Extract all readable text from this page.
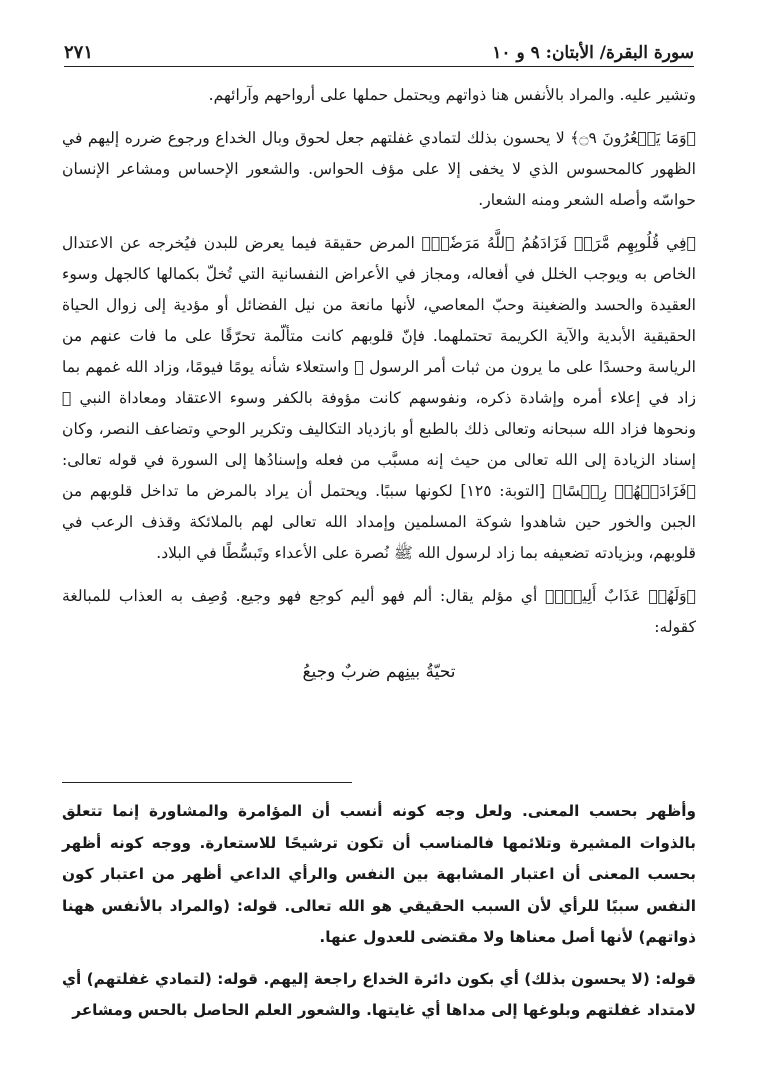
سورة البقرة/ الأبتان: ٩ و ١٠
٢٧١

وتشير عليه. والمراد بالأنفس هنا ذواتهم ويحتمل حملها على أرواحهم وآرائهم.

﴿وَمَا يَشۡعُرُونَ ۝٩﴾ لا يحسون بذلك لتمادي غفلتهم جعل لحوق وبال الخداع ورجوع ضرره إليهم في الظهور كالمحسوس الذي لا يخفى إلا على مؤف الحواس. والشعور الإحساس ومشاعر الإنسان حواسّه وأصله الشعر ومنه الشعار.

﴿فِي قُلُوبِهِم مَّرَضٞ فَزَادَهُمُ ٱللَّهُ مَرَضٗاۖ﴾ المرض حقيقة فيما يعرض للبدن فيُخرجه عن الاعتدال الخاص به ويوجب الخلل في أفعاله، ومجاز في الأعراض النفسانية التي تُخلّ بكمالها كالجهل وسوء العقيدة والحسد والضغينة وحبّ المعاصي، لأنها مانعة من نيل الفضائل أو مؤدية إلى زوال الحياة الحقيقية الأبدية والآية الكريمة تحتملهما. فإنّ قلوبهم كانت متألّمة تحرّقًا على ما فات عنهم من الرياسة وحسدًا على ما يرون من ثبات أمر الرسول ﷺ واستعلاء شأنه يومًا فيومًا، وزاد الله غمهم بما زاد في إعلاء أمره وإشادة ذكره، ونفوسهم كانت مؤوفة بالكفر وسوء الاعتقاد ومعاداة النبي ﷺ ونحوها فزاد الله سبحانه وتعالى ذلك بالطبع أو بازدياد التكاليف وتكرير الوحي وتضاعف النصر، وكان إسناد الزيادة إلى الله تعالى من حيث إنه مسبَّب من فعله وإسنادُها إلى السورة في قوله تعالى: ﴿فَزَادَتۡهُمۡ رِجۡسًا﴾ [التوبة: ١٢٥] لكونها سببًا. ويحتمل أن يراد بالمرض ما تداخل قلوبهم من الجبن والخور حين شاهدوا شوكة المسلمين وإمداد الله تعالى لهم بالملائكة وقذف الرعب في قلوبهم، وبزيادته تضعيفه بما زاد لرسول الله ﷺ نُصرة على الأعداء وتَبسُّطًا في البلاد.

﴿وَلَهُمۡ عَذَابٌ أَلِيمُۢ﴾ أي مؤلم يقال: ألم فهو أليم كوجع فهو وجيع. وُصِف به العذاب للمبالغة كقوله:

تحيّةُ بينِهم ضربٌ وجيعُ

وأظهر بحسب المعنى. ولعل وجه كونه أنسب أن المؤامرة والمشاورة إنما تتعلق بالذوات المشيرة وتلائمها فالمناسب أن تكون ترشيحًا للاستعارة. ووجه كونه أظهر بحسب المعنى أن اعتبار المشابهة بين النفس والرأي الداعي أظهر من اعتبار كون النفس سببًا للرأي لأن السبب الحقيقي هو الله تعالى. قوله: (والمراد بالأنفس ههنا ذواتهم) لأنها أصل معناها ولا مقتضى للعدول عنها.

قوله: (لا يحسون بذلك) أي بكون دائرة الخداع راجعة إليهم. قوله: (لتمادي غفلتهم) أي لامتداد غفلتهم وبلوغها إلى مداها أي غايتها. والشعور العلم الحاصل بالحس ومشاعر
